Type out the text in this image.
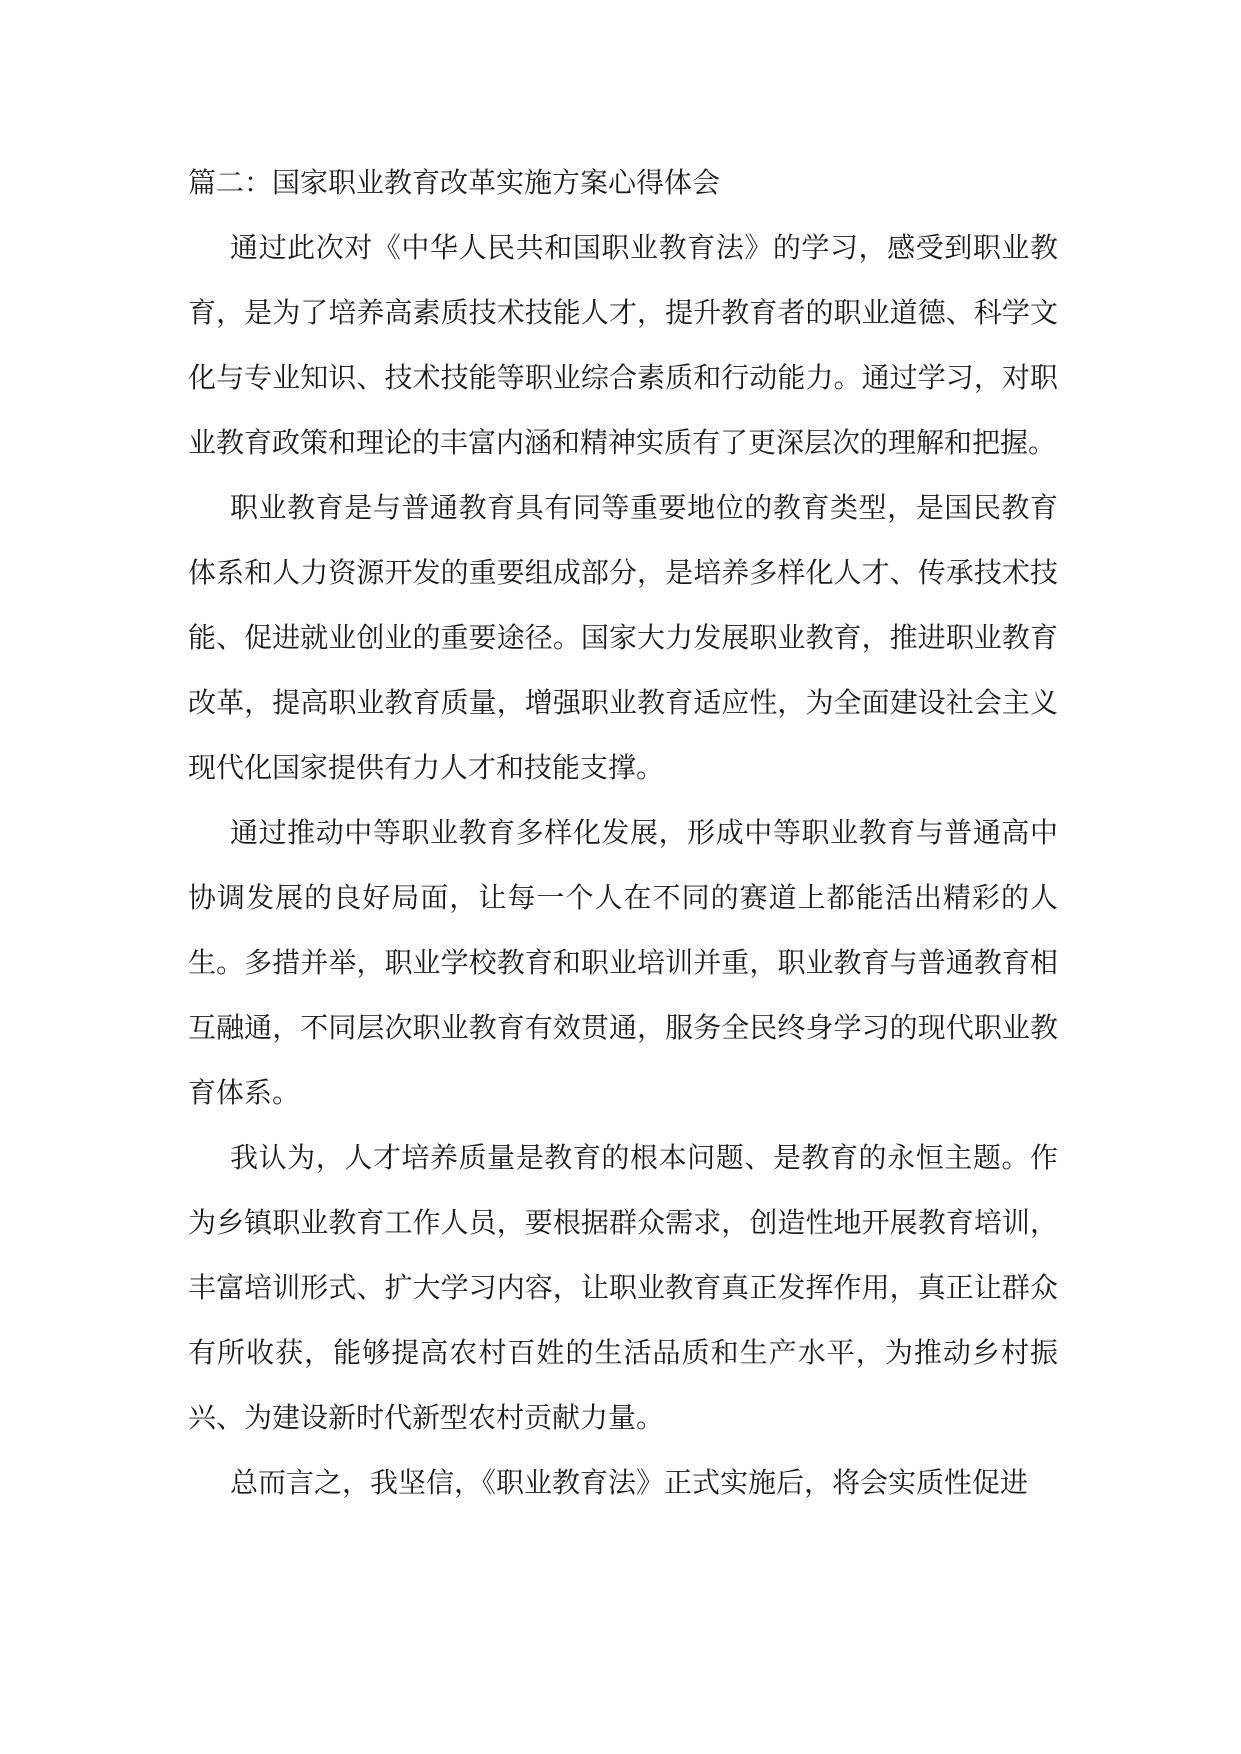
篇二：国家职业教育改革实施方案心得体会

通过此次对《中华人民共和国职业教育法》的学习，感受到职业教育，是为了培养高素质技术技能人才，提升教育者的职业道德、科学文化与专业知识、技术技能等职业综合素质和行动能力。通过学习，对职业教育政策和理论的丰富内涵和精神实质有了更深层次的理解和把握。

职业教育是与普通教育具有同等重要地位的教育类型，是国民教育体系和人力资源开发的重要组成部分，是培养多样化人才、传承技术技能、促进就业创业的重要途径。国家大力发展职业教育，推进职业教育改革，提高职业教育质量，增强职业教育适应性，为全面建设社会主义现代化国家提供有力人才和技能支撑。

通过推动中等职业教育多样化发展，形成中等职业教育与普通高中协调发展的良好局面，让每一个人在不同的赛道上都能活出精彩的人生。多措并举，职业学校教育和职业培训并重，职业教育与普通教育相互融通，不同层次职业教育有效贯通，服务全民终身学习的现代职业教育体系。

我认为，人才培养质量是教育的根本问题、是教育的永恒主题。作为乡镇职业教育工作人员，要根据群众需求，创造性地开展教育培训，丰富培训形式、扩大学习内容，让职业教育真正发挥作用，真正让群众有所收获，能够提高农村百姓的生活品质和生产水平，为推动乡村振兴、为建设新时代新型农村贡献力量。

总而言之，我坚信，《职业教育法》正式实施后，将会实质性促进
